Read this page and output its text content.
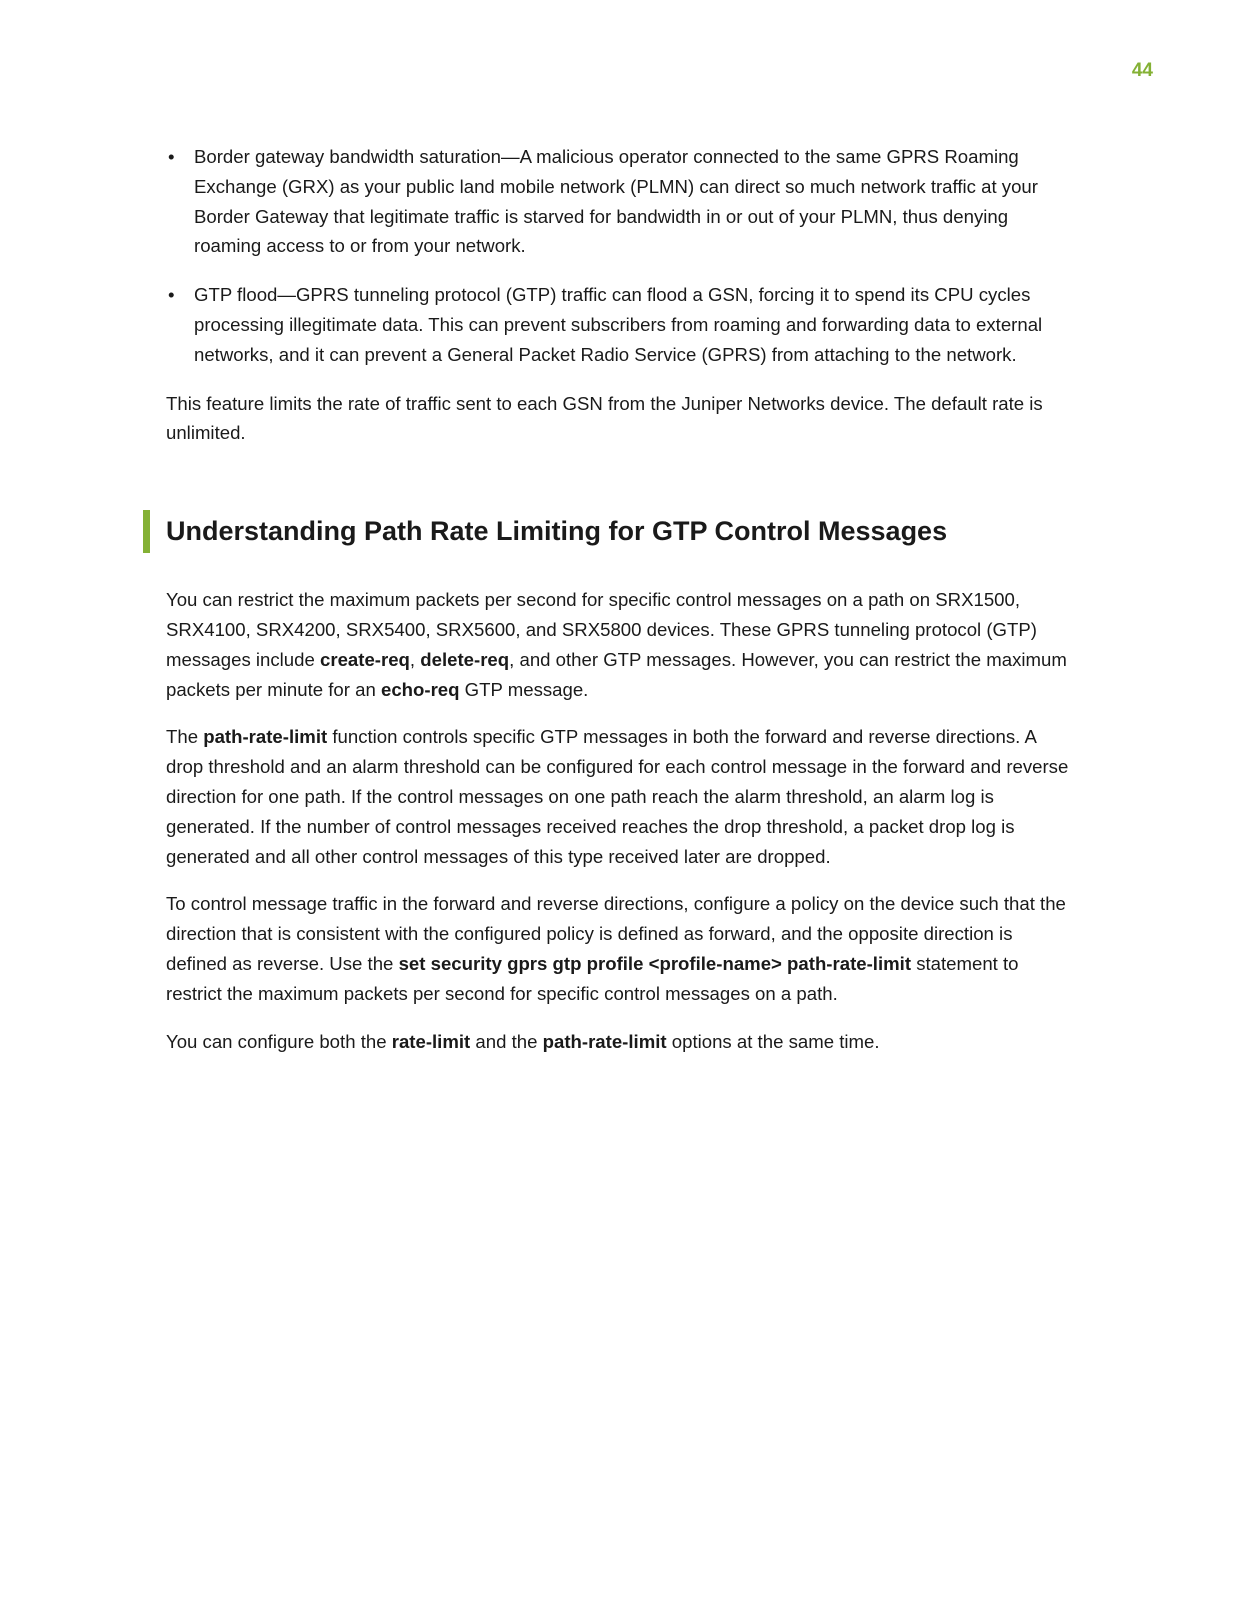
44
• Border gateway bandwidth saturation—A malicious operator connected to the same GPRS Roaming Exchange (GRX) as your public land mobile network (PLMN) can direct so much network traffic at your Border Gateway that legitimate traffic is starved for bandwidth in or out of your PLMN, thus denying roaming access to or from your network.
• GTP flood—GPRS tunneling protocol (GTP) traffic can flood a GSN, forcing it to spend its CPU cycles processing illegitimate data. This can prevent subscribers from roaming and forwarding data to external networks, and it can prevent a General Packet Radio Service (GPRS) from attaching to the network.

This feature limits the rate of traffic sent to each GSN from the Juniper Networks device. The default rate is unlimited.

Understanding Path Rate Limiting for GTP Control Messages

You can restrict the maximum packets per second for specific control messages on a path on SRX1500, SRX4100, SRX4200, SRX5400, SRX5600, and SRX5800 devices. These GPRS tunneling protocol (GTP) messages include create-req, delete-req, and other GTP messages. However, you can restrict the maximum packets per minute for an echo-req GTP message.

The path-rate-limit function controls specific GTP messages in both the forward and reverse directions. A drop threshold and an alarm threshold can be configured for each control message in the forward and reverse direction for one path. If the control messages on one path reach the alarm threshold, an alarm log is generated. If the number of control messages received reaches the drop threshold, a packet drop log is generated and all other control messages of this type received later are dropped.

To control message traffic in the forward and reverse directions, configure a policy on the device such that the direction that is consistent with the configured policy is defined as forward, and the opposite direction is defined as reverse. Use the set security gprs gtp profile <profile-name> path-rate-limit statement to restrict the maximum packets per second for specific control messages on a path.

You can configure both the rate-limit and the path-rate-limit options at the same time.
